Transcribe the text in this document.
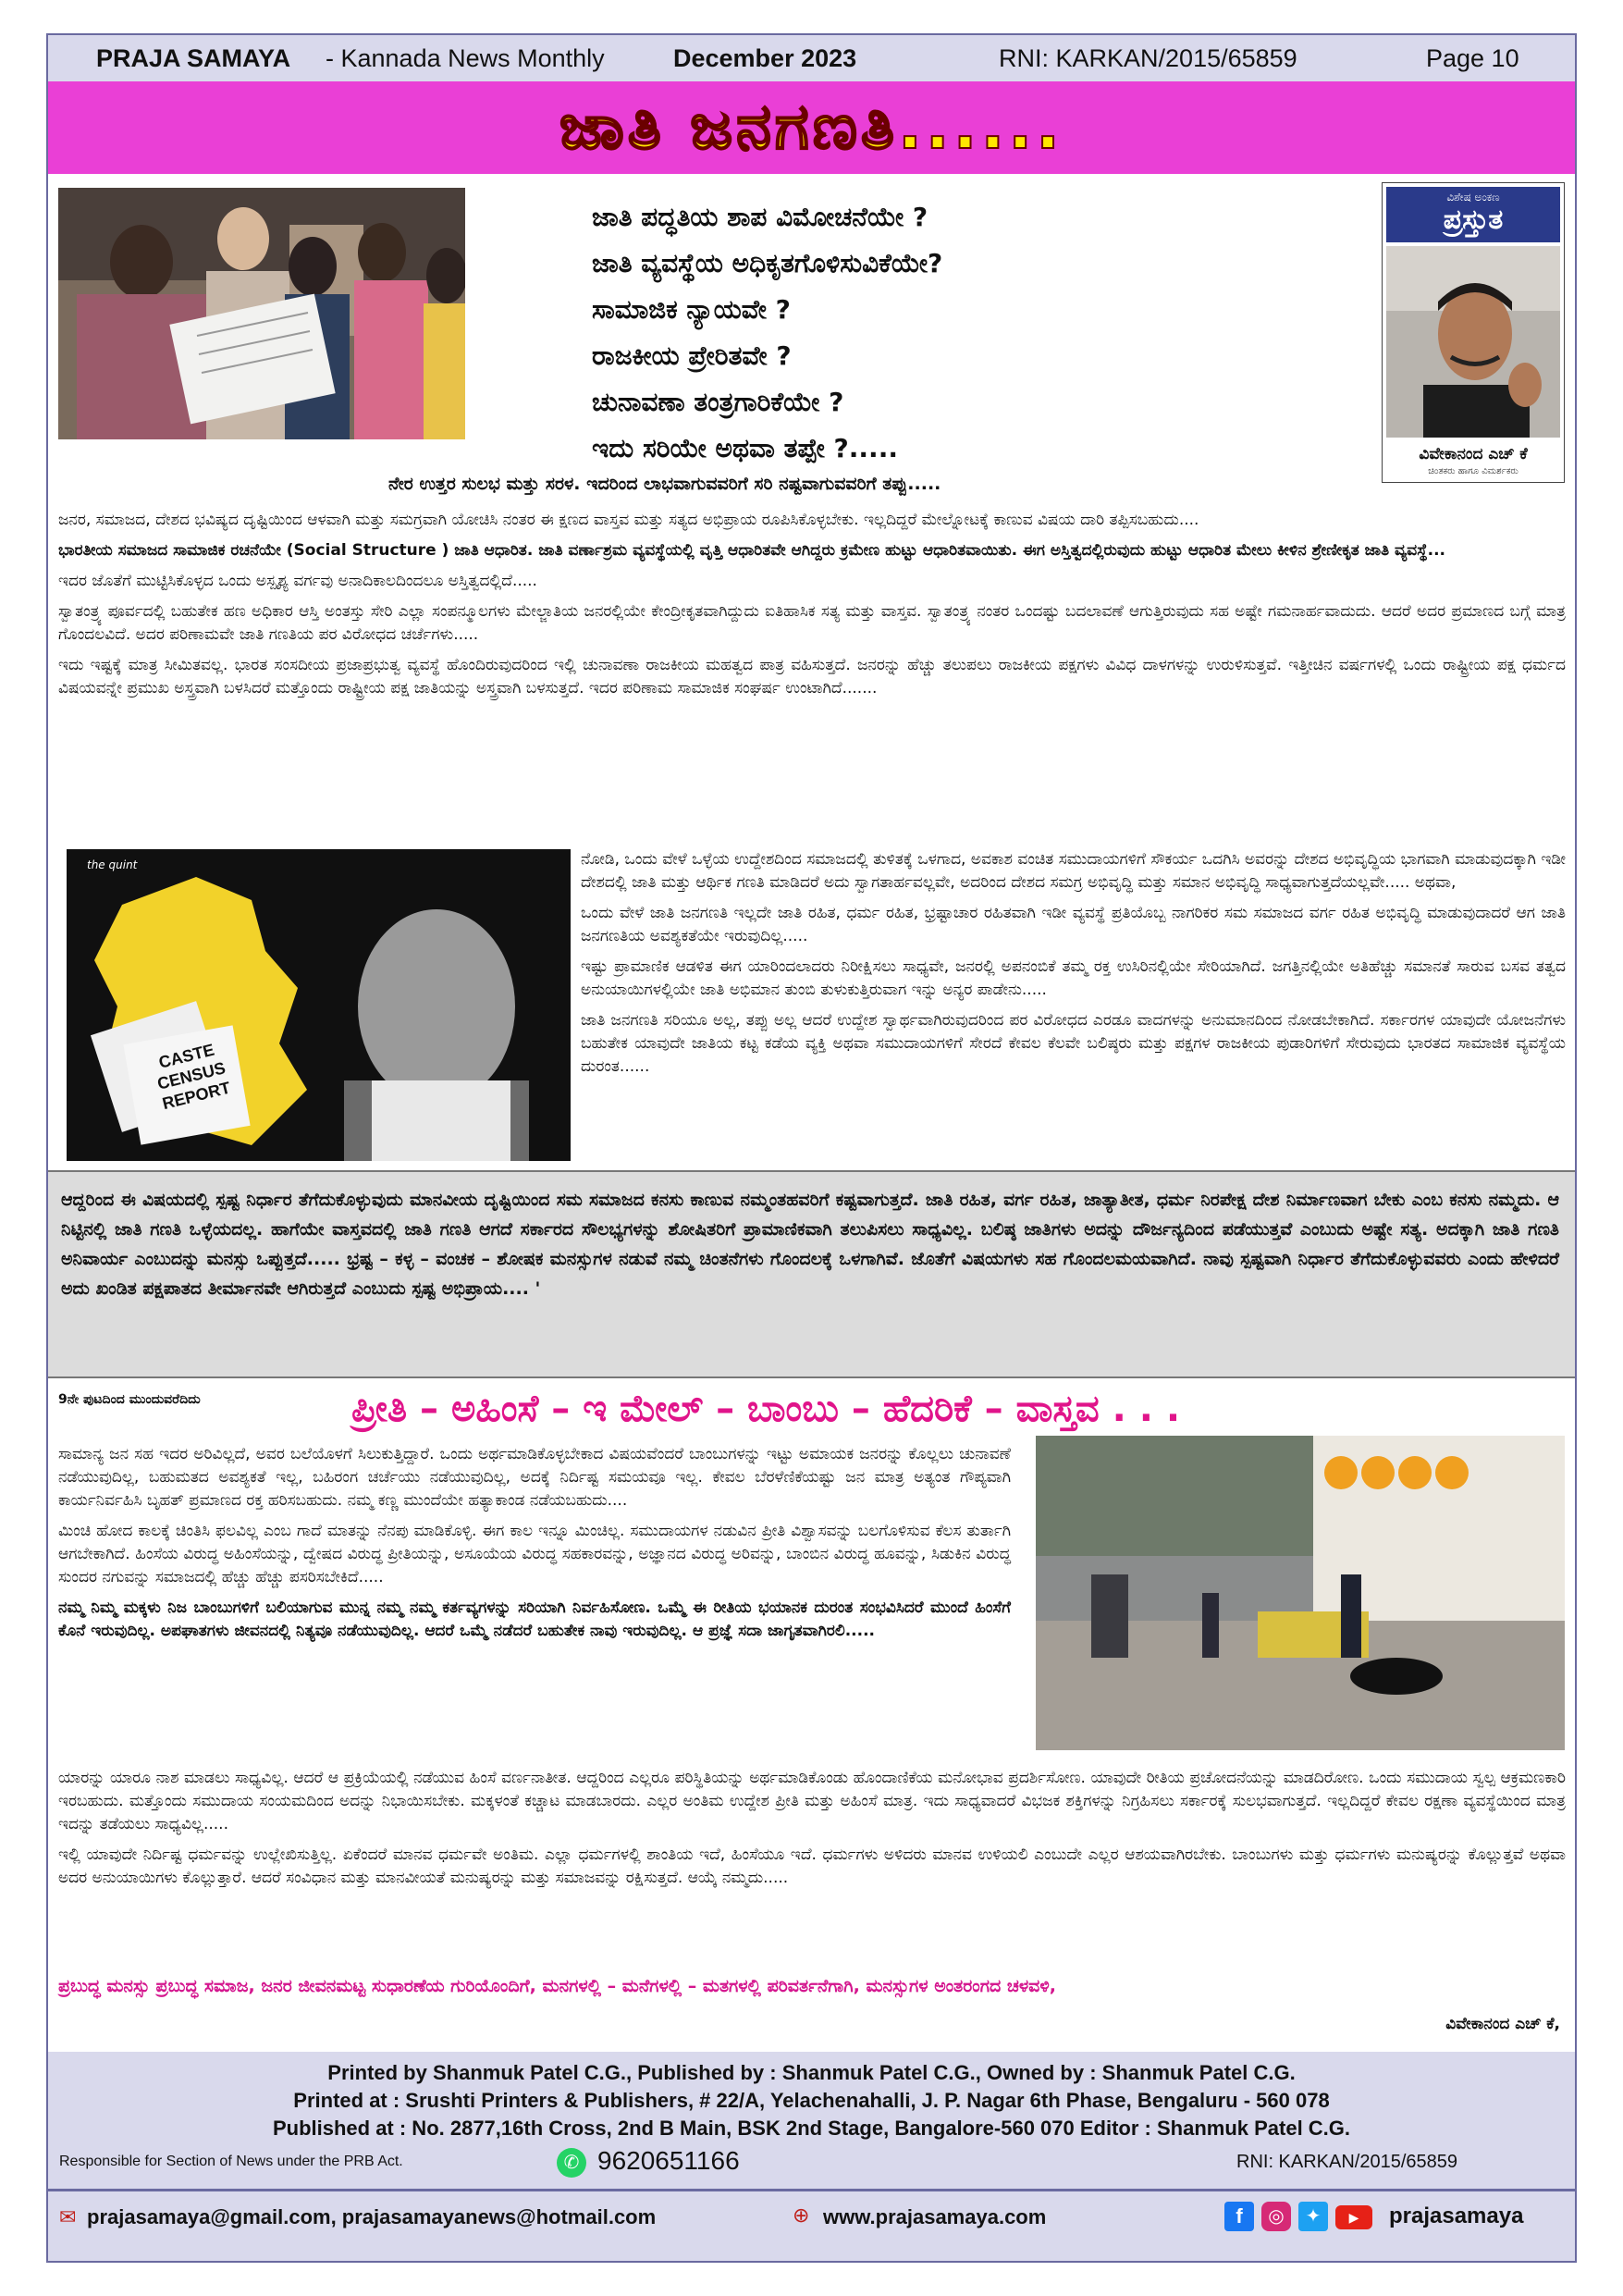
PRAJA SAMAYA - Kannada News Monthly	December 2023	RNI: KARKAN/2015/65859	Page 10
ಜಾತಿ ಜನಗಣತಿ......
ಜಾತಿ ಪದ್ಧತಿಯ ಶಾಪ ವಿಮೋಚನೆಯೇ ?
ಜಾತಿ ವ್ಯವಸ್ಥೆಯ ಅಧಿಕೃತಗೊಳಿಸುವಿಕೆಯೇ?
ಸಾಮಾಜಿಕ ನ್ಯಾಯವೇ ?
ರಾಜಕೀಯ ಪ್ರೇರಿತವೇ ?
ಚುನಾವಣಾ ತಂತ್ರಗಾರಿಕೆಯೇ ?
ಇದು ಸರಿಯೇ ಅಥವಾ ತಪ್ಪೇ ?.....
ವಿಶೇಷ ಅಂಕಣ
ಪ್ರಸ್ತುತ
ವಿವೇಕಾನಂದ ಎಚ್ ಕೆ
ಚಿಂತಕರು ಹಾಗೂ ವಿಮರ್ಶಕರು
ನೇರ ಉತ್ತರ ಸುಲಭ ಮತ್ತು ಸರಳ. ಇದರಿಂದ ಲಾಭವಾಗುವವರಿಗೆ ಸರಿ ನಷ್ಟವಾಗುವವರಿಗೆ ತಪ್ಪು.....

ಜನರ, ಸಮಾಜದ, ದೇಶದ ಭವಿಷ್ಯದ ದೃಷ್ಟಿಯಿಂದ ಆಳವಾಗಿ ಮತ್ತು ಸಮಗ್ರವಾಗಿ ಯೋಚಿಸಿ ನಂತರ ಈ ಕ್ಷಣದ ವಾಸ್ತವ ಮತ್ತು ಸತ್ಯದ ಅಭಿಪ್ರಾಯ ರೂಪಿಸಿಕೊಳ್ಳಬೇಕು. ಇಲ್ಲದಿದ್ದರೆ ಮೇಲ್ನೋಟಕ್ಕೆ ಕಾಣುವ ವಿಷಯ ದಾರಿ ತಪ್ಪಿಸಬಹುದು....

ಭಾರತೀಯ ಸಮಾಜದ ಸಾಮಾಜಿಕ ರಚನೆಯೇ (Social Structure ) ಜಾತಿ ಆಧಾರಿತ. ಜಾತಿ ವರ್ಣಾಶ್ರಮ ವ್ಯವಸ್ಥೆಯಲ್ಲಿ ವೃತ್ತಿ ಆಧಾರಿತವೇ ಆಗಿದ್ದರು ಕ್ರಮೇಣ ಹುಟ್ಟು ಆಧಾರಿತವಾಯಿತು. ಈಗ ಅಸ್ತಿತ್ವದಲ್ಲಿರುವುದು ಹುಟ್ಟು ಆಧಾರಿತ ಮೇಲು ಕೀಳಿನ ಶ್ರೇಣೀಕೃತ ಜಾತಿ ವ್ಯವಸ್ಥೆ...

ಇದರ ಜೊತೆಗೆ ಮುಟ್ಟಿಸಿಕೊಳ್ಳದ ಒಂದು ಅಸ್ಪೃಶ್ಯ ವರ್ಗವು ಅನಾದಿಕಾಲದಿಂದಲೂ ಅಸ್ತಿತ್ವದಲ್ಲಿದೆ.....

ಸ್ವಾತಂತ್ರ್ಯ ಪೂರ್ವದಲ್ಲಿ ಬಹುತೇಕ ಹಣ ಅಧಿಕಾರ ಆಸ್ತಿ ಅಂತಸ್ತು ಸೇರಿ ಎಲ್ಲಾ ಸಂಪನ್ಮೂಲಗಳು ಮೇಲ್ಜಾತಿಯ ಜನರಲ್ಲಿಯೇ ಕೇಂದ್ರೀಕೃತವಾಗಿದ್ದುದು ಐತಿಹಾಸಿಕ ಸತ್ಯ ಮತ್ತು ವಾಸ್ತವ. ಸ್ವಾತಂತ್ರ್ಯ ನಂತರ ಒಂದಷ್ಟು ಬದಲಾವಣೆ ಆಗುತ್ತಿರುವುದು ಸಹ ಅಷ್ಟೇ ಗಮನಾರ್ಹವಾದುದು. ಆದರೆ ಅದರ ಪ್ರಮಾಣದ ಬಗ್ಗೆ ಮಾತ್ರ ಗೊಂದಲವಿದೆ. ಅದರ ಪರಿಣಾಮವೇ ಜಾತಿ ಗಣತಿಯ ಪರ ವಿರೋಧದ ಚರ್ಚೆಗಳು.....

ಇದು ಇಷ್ಟಕ್ಕೆ ಮಾತ್ರ ಸೀಮಿತವಲ್ಲ. ಭಾರತ ಸಂಸದೀಯ ಪ್ರಜಾಪ್ರಭುತ್ವ ವ್ಯವಸ್ಥೆ ಹೊಂದಿರುವುದರಿಂದ ಇಲ್ಲಿ ಚುನಾವಣಾ ರಾಜಕೀಯ ಮಹತ್ವದ ಪಾತ್ರ ವಹಿಸುತ್ತದೆ. ಜನರನ್ನು ಹೆಚ್ಚು ತಲುಪಲು ರಾಜಕೀಯ ಪಕ್ಷಗಳು ವಿವಿಧ ದಾಳಗಳನ್ನು ಉರುಳಿಸುತ್ತವೆ. ಇತ್ತೀಚಿನ ವರ್ಷಗಳಲ್ಲಿ ಒಂದು ರಾಷ್ಟ್ರೀಯ ಪಕ್ಷ ಧರ್ಮದ ವಿಷಯವನ್ನೇ ಪ್ರಮುಖ ಅಸ್ತ್ರವಾಗಿ ಬಳಸಿದರೆ ಮತ್ತೊಂದು ರಾಷ್ಟ್ರೀಯ ಪಕ್ಷ ಜಾತಿಯನ್ನು ಅಸ್ತ್ರವಾಗಿ ಬಳಸುತ್ತದೆ. ಇದರ ಪರಿಣಾಮ ಸಾಮಾಜಿಕ ಸಂಘರ್ಷ ಉಂಟಾಗಿದೆ.......

the quint
CASTE CENSUS REPORT

ನೋಡಿ, ಒಂದು ವೇಳೆ ಒಳ್ಳೆಯ ಉದ್ದೇಶದಿಂದ ಸಮಾಜದಲ್ಲಿ ತುಳಿತಕ್ಕೆ ಒಳಗಾದ, ಅವಕಾಶ ವಂಚಿತ ಸಮುದಾಯಗಳಿಗೆ ಸೌಕರ್ಯ ಒದಗಿಸಿ ಅವರನ್ನು ದೇಶದ ಅಭಿವೃದ್ಧಿಯ ಭಾಗವಾಗಿ ಮಾಡುವುದಕ್ಕಾಗಿ ಇಡೀ ದೇಶದಲ್ಲಿ ಜಾತಿ ಮತ್ತು ಆರ್ಥಿಕ ಗಣತಿ ಮಾಡಿದರೆ ಅದು ಸ್ವಾಗತಾರ್ಹವಲ್ಲವೇ, ಅದರಿಂದ ದೇಶದ ಸಮಗ್ರ ಅಭಿವೃದ್ಧಿ ಮತ್ತು ಸಮಾನ ಅಭಿವೃದ್ಧಿ ಸಾಧ್ಯವಾಗುತ್ತದೆಯಲ್ಲವೇ..... ಅಥವಾ,

ಒಂದು ವೇಳೆ ಜಾತಿ ಜನಗಣತಿ ಇಲ್ಲದೇ ಜಾತಿ ರಹಿತ, ಧರ್ಮ ರಹಿತ, ಭ್ರಷ್ಟಾಚಾರ ರಹಿತವಾಗಿ ಇಡೀ ವ್ಯವಸ್ಥೆ ಪ್ರತಿಯೊಬ್ಬ ನಾಗರಿಕರ ಸಮ ಸಮಾಜದ ವರ್ಗ ರಹಿತ ಅಭಿವೃದ್ಧಿ ಮಾಡುವುದಾದರೆ ಆಗ ಜಾತಿ ಜನಗಣತಿಯ ಅವಶ್ಯಕತೆಯೇ ಇರುವುದಿಲ್ಲ.....

ಇಷ್ಟು ಪ್ರಾಮಾಣಿಕ ಆಡಳಿತ ಈಗ ಯಾರಿಂದಲಾದರು ನಿರೀಕ್ಷಿಸಲು ಸಾಧ್ಯವೇ, ಜನರಲ್ಲಿ ಅಪನಂಬಿಕೆ ತಮ್ಮ ರಕ್ತ ಉಸಿರಿನಲ್ಲಿಯೇ ಸೇರಿಯಾಗಿದೆ. ಜಗತ್ತಿನಲ್ಲಿಯೇ ಅತಿಹೆಚ್ಚು ಸಮಾನತೆ ಸಾರುವ ಬಸವ ತತ್ವದ ಅನುಯಾಯಿಗಳಲ್ಲಿಯೇ ಜಾತಿ ಅಭಿಮಾನ ತುಂಬಿ ತುಳುಕುತ್ತಿರುವಾಗ ಇನ್ನು ಅನ್ಯರ ಪಾಡೇನು.....

ಜಾತಿ ಜನಗಣತಿ ಸರಿಯೂ ಅಲ್ಲ, ತಪ್ಪು ಅಲ್ಲ ಆದರೆ ಉದ್ದೇಶ ಸ್ವಾರ್ಥವಾಗಿರುವುದರಿಂದ ಪರ ವಿರೋಧದ ಎರಡೂ ವಾದಗಳನ್ನು ಅನುಮಾನದಿಂದ ನೋಡಬೇಕಾಗಿದೆ. ಸರ್ಕಾರಗಳ ಯಾವುದೇ ಯೋಜನೆಗಳು ಬಹುತೇಕ ಯಾವುದೇ ಜಾತಿಯ ಕಟ್ಟ ಕಡೆಯ ವ್ಯಕ್ತಿ ಅಥವಾ ಸಮುದಾಯಗಳಿಗೆ ಸೇರದೆ ಕೇವಲ ಕೆಲವೇ ಬಲಿಷ್ಠರು ಮತ್ತು ಪಕ್ಷಗಳ ರಾಜಕೀಯ ಪುಡಾರಿಗಳಿಗೆ ಸೇರುವುದು ಭಾರತದ ಸಾಮಾಜಿಕ ವ್ಯವಸ್ಥೆಯ ದುರಂತ......

ಆದ್ದರಿಂದ ಈ ವಿಷಯದಲ್ಲಿ ಸ್ಪಷ್ಟ ನಿರ್ಧಾರ ತೆಗೆದುಕೊಳ್ಳುವುದು ಮಾನವೀಯ ದೃಷ್ಟಿಯಿಂದ ಸಮ ಸಮಾಜದ ಕನಸು ಕಾಣುವ ನಮ್ಮಂತಹವರಿಗೆ ಕಷ್ಟವಾಗುತ್ತದೆ. ಜಾತಿ ರಹಿತ, ವರ್ಗ ರಹಿತ, ಜಾತ್ಯಾತೀತ, ಧರ್ಮ ನಿರಪೇಕ್ಷ ದೇಶ ನಿರ್ಮಾಣವಾಗ ಬೇಕು ಎಂಬ ಕನಸು ನಮ್ಮದು. ಆ ನಿಟ್ಟಿನಲ್ಲಿ ಜಾತಿ ಗಣತಿ ಒಳ್ಳೆಯದಲ್ಲ. ಹಾಗೆಯೇ ವಾಸ್ತವದಲ್ಲಿ ಜಾತಿ ಗಣತಿ ಆಗದೆ ಸರ್ಕಾರದ ಸೌಲಭ್ಯಗಳನ್ನು ಶೋಷಿತರಿಗೆ ಪ್ರಾಮಾಣಿಕವಾಗಿ ತಲುಪಿಸಲು ಸಾಧ್ಯವಿಲ್ಲ. ಬಲಿಷ್ಠ ಜಾತಿಗಳು ಅದನ್ನು ದೌರ್ಜನ್ಯದಿಂದ ಪಡೆಯುತ್ತವೆ ಎಂಬುದು ಅಷ್ಟೇ ಸತ್ಯ. ಅದಕ್ಕಾಗಿ ಜಾತಿ ಗಣತಿ ಅನಿವಾರ್ಯ ಎಂಬುದನ್ನು ಮನಸ್ಸು ಒಪ್ಪುತ್ತದೆ..... ಭ್ರಷ್ಟ – ಕಳ್ಳ – ವಂಚಕ – ಶೋಷಕ ಮನಸ್ಸುಗಳ ನಡುವೆ ನಮ್ಮ ಚಿಂತನೆಗಳು ಗೊಂದಲಕ್ಕೆ ಒಳಗಾಗಿವೆ. ಜೊತೆಗೆ ವಿಷಯಗಳು ಸಹ ಗೊಂದಲಮಯವಾಗಿದೆ. ನಾವು ಸ್ಪಷ್ಟವಾಗಿ ನಿರ್ಧಾರ ತೆಗೆದುಕೊಳ್ಳುವವರು ಎಂದು ಹೇಳಿದರೆ ಅದು ಖಂಡಿತ ಪಕ್ಷಪಾತದ ತೀರ್ಮಾನವೇ ಆಗಿರುತ್ತದೆ ಎಂಬುದು ಸ್ಪಷ್ಟ ಅಭಿಪ್ರಾಯ.... '
9ನೇ ಪುಟದಿಂದ ಮುಂದುವರೆದಿದು	ಪ್ರೀತಿ – ಅಹಿಂಸೆ – ಇ ಮೇಲ್ – ಬಾಂಬು – ಹೆದರಿಕೆ – ವಾಸ್ತವ . . .

ಸಾಮಾನ್ಯ ಜನ ಸಹ ಇದರ ಅರಿವಿಲ್ಲದೆ, ಅವರ ಬಲೆಯೊಳಗೆ ಸಿಲುಕುತ್ತಿದ್ದಾರೆ. ಒಂದು ಅರ್ಥಮಾಡಿಕೊಳ್ಳಬೇಕಾದ ವಿಷಯವೆಂದರೆ ಬಾಂಬುಗಳನ್ನು ಇಟ್ಟು ಅಮಾಯಕ ಜನರನ್ನು ಕೊಲ್ಲಲು ಚುನಾವಣೆ ನಡೆಯುವುದಿಲ್ಲ, ಬಹುಮತದ ಅವಶ್ಯಕತೆ ಇಲ್ಲ, ಬಹಿರಂಗ ಚರ್ಚೆಯು ನಡೆಯುವುದಿಲ್ಲ, ಅದಕ್ಕೆ ನಿರ್ದಿಷ್ಟ ಸಮಯವೂ ಇಲ್ಲ. ಕೇವಲ ಬೆರಳೆಣಿಕೆಯಷ್ಟು ಜನ ಮಾತ್ರ ಅತ್ಯಂತ ಗೌಪ್ಯವಾಗಿ ಕಾರ್ಯನಿರ್ವಹಿಸಿ ಬೃಹತ್ ಪ್ರಮಾಣದ ರಕ್ತ ಹರಿಸಬಹುದು. ನಮ್ಮ ಕಣ್ಣ ಮುಂದೆಯೇ ಹತ್ಯಾಕಾಂಡ ನಡೆಯಬಹುದು....

ಮಿಂಚಿ ಹೋದ ಕಾಲಕ್ಕೆ ಚಿಂತಿಸಿ ಫಲವಿಲ್ಲ ಎಂಬ ಗಾದೆ ಮಾತನ್ನು ನೆನಪು ಮಾಡಿಕೊಳ್ಳಿ. ಈಗ ಕಾಲ ಇನ್ನೂ ಮಿಂಚಿಲ್ಲ. ಸಮುದಾಯಗಳ ನಡುವಿನ ಪ್ರೀತಿ ವಿಶ್ವಾಸವನ್ನು ಬಲಗೊಳಿಸುವ ಕೆಲಸ ತುರ್ತಾಗಿ ಆಗಬೇಕಾಗಿದೆ. ಹಿಂಸೆಯ ವಿರುದ್ಧ ಅಹಿಂಸೆಯನ್ನು, ದ್ವೇಷದ ವಿರುದ್ಧ ಪ್ರೀತಿಯನ್ನು, ಅಸೂಯೆಯ ವಿರುದ್ಧ ಸಹಕಾರವನ್ನು, ಅಜ್ಞಾನದ ವಿರುದ್ಧ ಅರಿವನ್ನು, ಬಾಂಬಿನ ವಿರುದ್ಧ ಹೂವನ್ನು, ಸಿಡುಕಿನ ವಿರುದ್ಧ ಸುಂದರ ನಗುವನ್ನು ಸಮಾಜದಲ್ಲಿ ಹೆಚ್ಚು ಹೆಚ್ಚು ಪಸರಿಸಬೇಕಿದೆ.....

ನಮ್ಮ ನಿಮ್ಮ ಮಕ್ಕಳು ನಿಜ ಬಾಂಬುಗಳಿಗೆ ಬಲಿಯಾಗುವ ಮುನ್ನ ನಮ್ಮ ನಮ್ಮ ಕರ್ತವ್ಯಗಳನ್ನು ಸರಿಯಾಗಿ ನಿರ್ವಹಿಸೋಣ. ಒಮ್ಮೆ ಈ ರೀತಿಯ ಭಯಾನಕ ದುರಂತ ಸಂಭವಿಸಿದರೆ ಮುಂದೆ ಹಿಂಸೆಗೆ ಕೊನೆ ಇರುವುದಿಲ್ಲ. ಅಪಘಾತಗಳು ಜೀವನದಲ್ಲಿ ನಿತ್ಯವೂ ನಡೆಯುವುದಿಲ್ಲ. ಆದರೆ ಒಮ್ಮೆ ನಡೆದರೆ ಬಹುತೇಕ ನಾವು ಇರುವುದಿಲ್ಲ. ಆ ಪ್ರಜ್ಞೆ ಸದಾ ಜಾಗೃತವಾಗಿರಲಿ.....

ಯಾರನ್ನು ಯಾರೂ ನಾಶ ಮಾಡಲು ಸಾಧ್ಯವಿಲ್ಲ. ಆದರೆ ಆ ಪ್ರಕ್ರಿಯೆಯಲ್ಲಿ ನಡೆಯುವ ಹಿಂಸೆ ವರ್ಣನಾತೀತ. ಆದ್ದರಿಂದ ಎಲ್ಲರೂ ಪರಿಸ್ಥಿತಿಯನ್ನು ಅರ್ಥಮಾಡಿಕೊಂಡು ಹೊಂದಾಣಿಕೆಯ ಮನೋಭಾವ ಪ್ರದರ್ಶಿಸೋಣ. ಯಾವುದೇ ರೀತಿಯ ಪ್ರಚೋದನೆಯನ್ನು ಮಾಡದಿರೋಣ. ಒಂದು ಸಮುದಾಯ ಸ್ವಲ್ಪ ಆಕ್ರಮಣಕಾರಿ ಇರಬಹುದು. ಮತ್ತೊಂದು ಸಮುದಾಯ ಸಂಯಮದಿಂದ ಅದನ್ನು ನಿಭಾಯಿಸಬೇಕು. ಮಕ್ಕಳಂತೆ ಕಚ್ಚಾಟ ಮಾಡಬಾರದು. ಎಲ್ಲರ ಅಂತಿಮ ಉದ್ದೇಶ ಪ್ರೀತಿ ಮತ್ತು ಅಹಿಂಸೆ ಮಾತ್ರ. ಇದು ಸಾಧ್ಯವಾದರೆ ವಿಭಜಕ ಶಕ್ತಿಗಳನ್ನು ನಿಗ್ರಹಿಸಲು ಸರ್ಕಾರಕ್ಕೆ ಸುಲಭವಾಗುತ್ತದೆ. ಇಲ್ಲದಿದ್ದರೆ ಕೇವಲ ರಕ್ಷಣಾ ವ್ಯವಸ್ಥೆಯಿಂದ ಮಾತ್ರ ಇದನ್ನು ತಡೆಯಲು ಸಾಧ್ಯವಿಲ್ಲ.....

ಇಲ್ಲಿ ಯಾವುದೇ ನಿರ್ದಿಷ್ಟ ಧರ್ಮವನ್ನು ಉಲ್ಲೇಖಿಸುತ್ತಿಲ್ಲ. ಏಕೆಂದರೆ ಮಾನವ ಧರ್ಮವೇ ಅಂತಿಮ. ಎಲ್ಲಾ ಧರ್ಮಗಳಲ್ಲಿ ಶಾಂತಿಯ ಇದೆ, ಹಿಂಸೆಯೂ ಇದೆ. ಧರ್ಮಗಳು ಅಳಿದರು ಮಾನವ ಉಳಿಯಲಿ ಎಂಬುದೇ ಎಲ್ಲರ ಆಶಯವಾಗಿರಬೇಕು. ಬಾಂಬುಗಳು ಮತ್ತು ಧರ್ಮಗಳು ಮನುಷ್ಯರನ್ನು ಕೊಲ್ಲುತ್ತವೆ ಅಥವಾ ಅದರ ಅನುಯಾಯಿಗಳು ಕೊಲ್ಲುತ್ತಾರೆ. ಆದರೆ ಸಂವಿಧಾನ ಮತ್ತು ಮಾನವೀಯತೆ ಮನುಷ್ಯರನ್ನು ಮತ್ತು ಸಮಾಜವನ್ನು ರಕ್ಷಿಸುತ್ತದೆ. ಆಯ್ಕೆ ನಮ್ಮದು.....

ಪ್ರಬುದ್ಧ ಮನಸ್ಸು ಪ್ರಬುದ್ಧ ಸಮಾಜ, ಜನರ ಜೀವನಮಟ್ಟ ಸುಧಾರಣೆಯ ಗುರಿಯೊಂದಿಗೆ, ಮನಗಳಲ್ಲಿ – ಮನೆಗಳಲ್ಲಿ – ಮತಗಳಲ್ಲಿ ಪರಿವರ್ತನೆಗಾಗಿ, ಮನಸ್ಸುಗಳ ಅಂತರಂಗದ ಚಳವಳಿ,
ವಿವೇಕಾನಂದ ಎಚ್ ಕೆ,
Printed by Shanmuk Patel C.G., Published by : Shanmuk Patel C.G., Owned by : Shanmuk Patel C.G.
Printed at : Srushti Printers & Publishers, # 22/A, Yelachenahalli, J. P. Nagar 6th Phase, Bengaluru - 560 078
Published at : No. 2877,16th Cross, 2nd B Main, BSK 2nd Stage, Bangalore-560 070 Editor : Shanmuk Patel C.G.
Responsible for Section of News under the PRB Act.	✆ 9620651166	RNI: KARKAN/2015/65859
✉ prajasamaya@gmail.com, prajasamayanews@hotmail.com	⊕ www.prajasamaya.com	f	◎	✦	▶	prajasamaya
